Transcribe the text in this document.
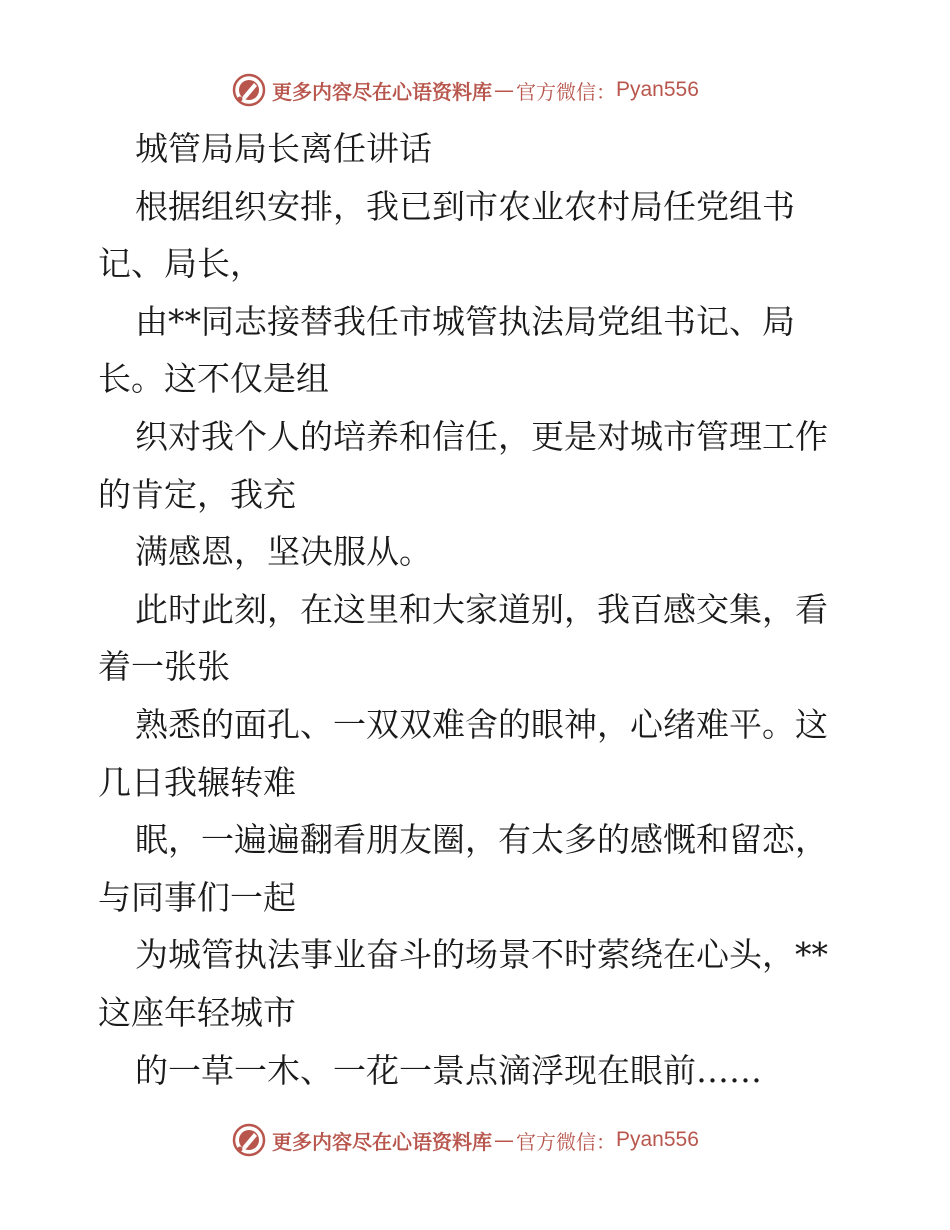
更多内容尽在心语资料库 — 官方微信： Pyan556
城管局局长离任讲话
根据组织安排，我已到市农业农村局任党组书
记、局长，
由**同志接替我任市城管执法局党组书记、局
长。这不仅是组
织对我个人的培养和信任，更是对城市管理工作
的肯定，我充
满感恩，坚决服从。
此时此刻，在这里和大家道别，我百感交集，看
着一张张
熟悉的面孔、一双双难舍的眼神，心绪难平。这
几日我辗转难
眠，一遍遍翻看朋友圈，有太多的感慨和留恋，
与同事们一起
为城管执法事业奋斗的场景不时萦绕在心头，**
这座年轻城市
的一草一木、一花一景点滴浮现在眼前……
更多内容尽在心语资料库 — 官方微信： Pyan556
